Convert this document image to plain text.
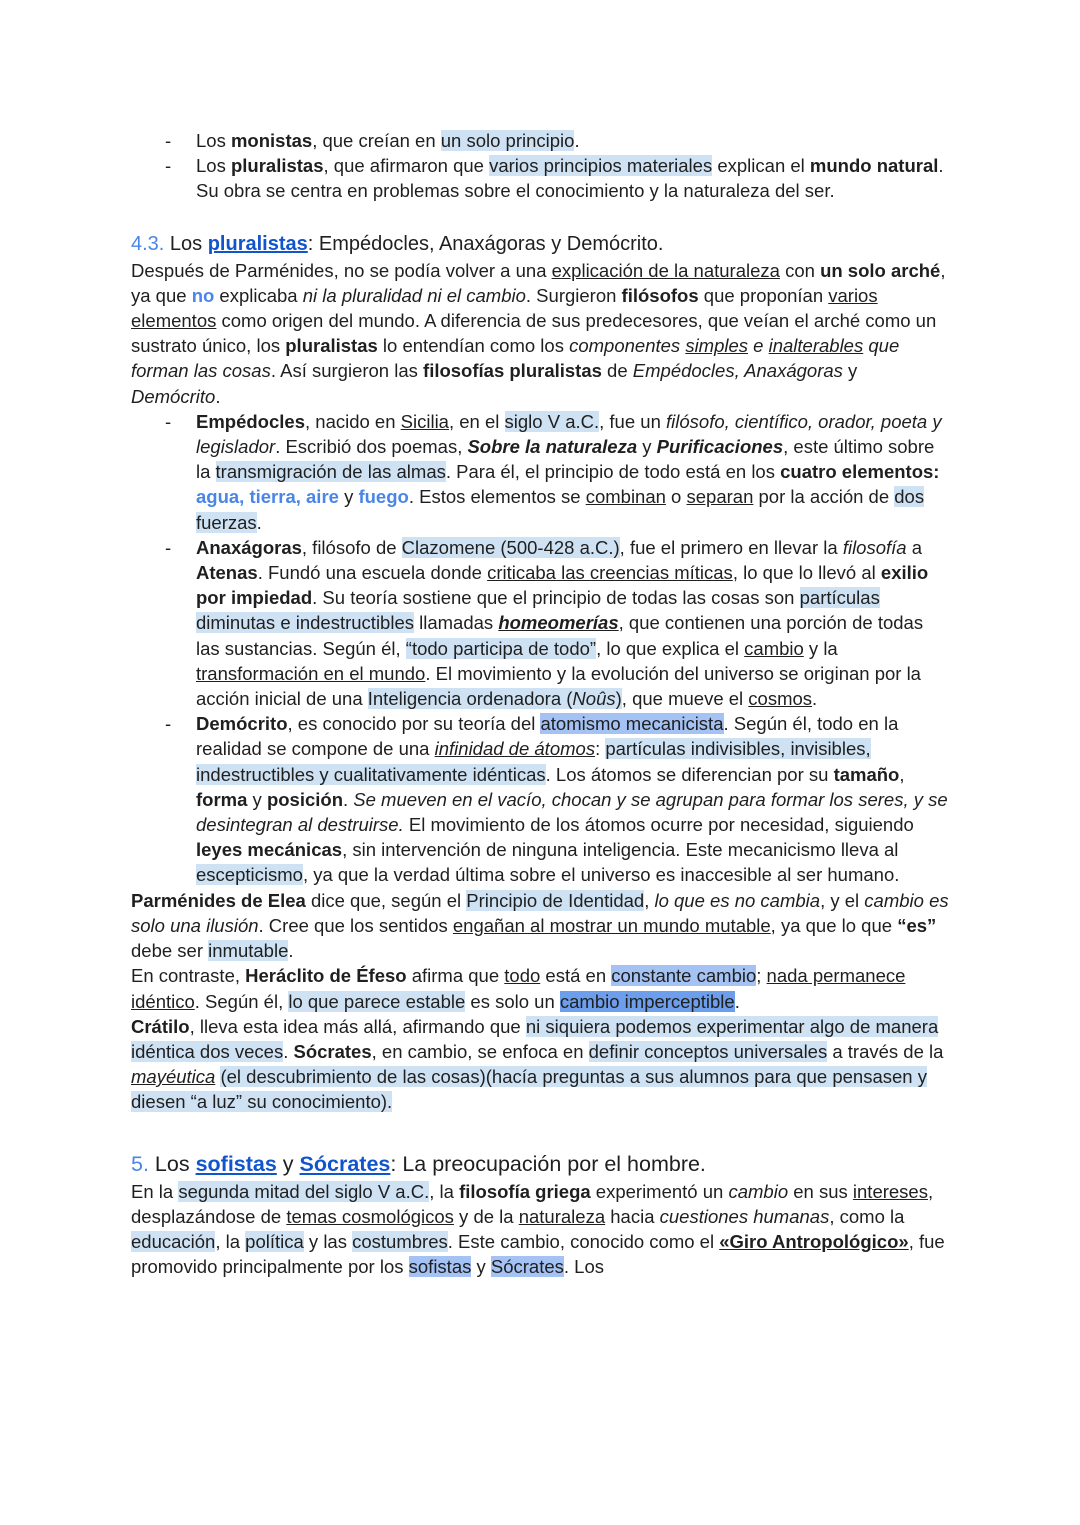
- Los monistas, que creían en un solo principio.
- Los pluralistas, que afirmaron que varios principios materiales explican el mundo natural. Su obra se centra en problemas sobre el conocimiento y la naturaleza del ser.
4.3. Los pluralistas: Empédocles, Anaxágoras y Demócrito.

Después de Parménides, no se podía volver a una explicación de la naturaleza con un solo arché, ya que no explicaba ni la pluralidad ni el cambio. Surgieron filósofos que proponían varios elementos como origen del mundo. A diferencia de sus predecesores, que veían el arché como un sustrato único, los pluralistas lo entendían como los componentes simples e inalterables que forman las cosas. Así surgieron las filosofías pluralistas de Empédocles, Anaxágoras y Demócrito.

- Empédocles, nacido en Sicilia, en el siglo V a.C., fue un filósofo, científico, orador, poeta y legislador. Escribió dos poemas, Sobre la naturaleza y Purificaciones, este último sobre la transmigración de las almas. Para él, el principio de todo está en los cuatro elementos: agua, tierra, aire y fuego. Estos elementos se combinan o separan por la acción de dos fuerzas.
- Anaxágoras, filósofo de Clazomene (500-428 a.C.), fue el primero en llevar la filosofía a Atenas. Fundó una escuela donde criticaba las creencias míticas, lo que lo llevó al exilio por impiedad. Su teoría sostiene que el principio de todas las cosas son partículas diminutas e indestructibles llamadas homeomerías, que contienen una porción de todas las sustancias. Según él, “todo participa de todo”, lo que explica el cambio y la transformación en el mundo. El movimiento y la evolución del universo se originan por la acción inicial de una Inteligencia ordenadora (Noûs), que mueve el cosmos.
- Demócrito, es conocido por su teoría del atomismo mecanicista. Según él, todo en la realidad se compone de una infinidad de átomos: partículas indivisibles, invisibles, indestructibles y cualitativamente idénticas. Los átomos se diferencian por su tamaño, forma y posición. Se mueven en el vacío, chocan y se agrupan para formar los seres, y se desintegran al destruirse. El movimiento de los átomos ocurre por necesidad, siguiendo leyes mecánicas, sin intervención de ninguna inteligencia. Este mecanicismo lleva al escepticismo, ya que la verdad última sobre el universo es inaccesible al ser humano.

Parménides de Elea dice que, según el Principio de Identidad, lo que es no cambia, y el cambio es solo una ilusión. Cree que los sentidos engañan al mostrar un mundo mutable, ya que lo que “es” debe ser inmutable.

En contraste, Heráclito de Éfeso afirma que todo está en constante cambio; nada permanece idéntico. Según él, lo que parece estable es solo un cambio imperceptible.

Crátilo, lleva esta idea más allá, afirmando que ni siquiera podemos experimentar algo de manera idéntica dos veces. Sócrates, en cambio, se enfoca en definir conceptos universales a través de la mayéutica (el descubrimiento de las cosas)(hacía preguntas a sus alumnos para que pensasen y diesen “a luz” su conocimiento).

5. Los sofistas y Sócrates: La preocupación por el hombre.

En la segunda mitad del siglo V a.C., la filosofía griega experimentó un cambio en sus intereses, desplazándose de temas cosmológicos y de la naturaleza hacia cuestiones humanas, como la educación, la política y las costumbres. Este cambio, conocido como el «Giro Antropológico», fue promovido principalmente por los sofistas y Sócrates. Los
